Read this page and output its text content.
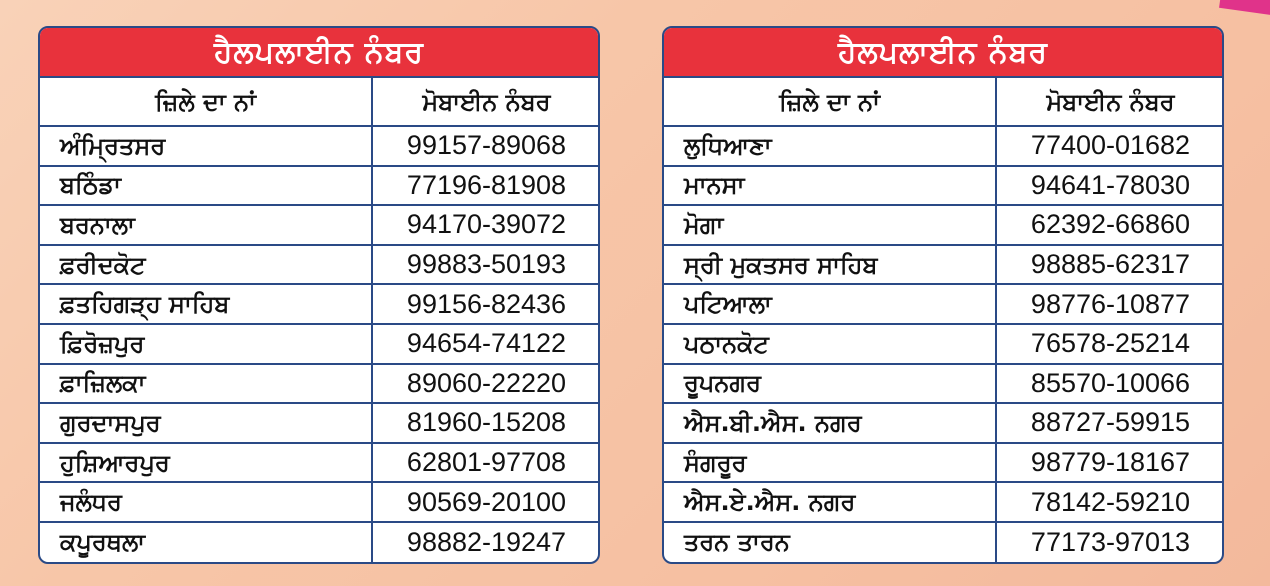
ਹੈਲਪਲਾਈਨ ਨੰਬਰ
ਜ਼ਿਲੇ ਦਾ ਨਾਂ	ਮੋਬਾਈਨ ਨੰਬਰ
ਅੰਮ੍ਰਿਤਸਰ	99157-89068
ਬਠਿੰਡਾ	77196-81908
ਬਰਨਾਲਾ	94170-39072
ਫ਼ਰੀਦਕੋਟ	99883-50193
ਫ਼ਤਹਿਗੜ੍ਹ ਸਾਹਿਬ	99156-82436
ਫ਼ਿਰੋਜ਼ਪੁਰ	94654-74122
ਫ਼ਾਜ਼ਿਲਕਾ	89060-22220
ਗੁਰਦਾਸਪੁਰ	81960-15208
ਹੁਸ਼ਿਆਰਪੁਰ	62801-97708
ਜਲੰਧਰ	90569-20100
ਕਪੂਰਥਲਾ	98882-19247
ਹੈਲਪਲਾਈਨ ਨੰਬਰ
ਜ਼ਿਲੇ ਦਾ ਨਾਂ	ਮੋਬਾਈਨ ਨੰਬਰ
ਲੁਧਿਆਣਾ	77400-01682
ਮਾਨਸਾ	94641-78030
ਮੋਗਾ	62392-66860
ਸ੍ਰੀ ਮੁਕਤਸਰ ਸਾਹਿਬ	98885-62317
ਪਟਿਆਲਾ	98776-10877
ਪਠਾਨਕੋਟ	76578-25214
ਰੂਪਨਗਰ	85570-10066
ਐਸ.ਬੀ.ਐਸ. ਨਗਰ	88727-59915
ਸੰਗਰੂਰ	98779-18167
ਐਸ.ਏ.ਐਸ. ਨਗਰ	78142-59210
ਤਰਨ ਤਾਰਨ	77173-97013
